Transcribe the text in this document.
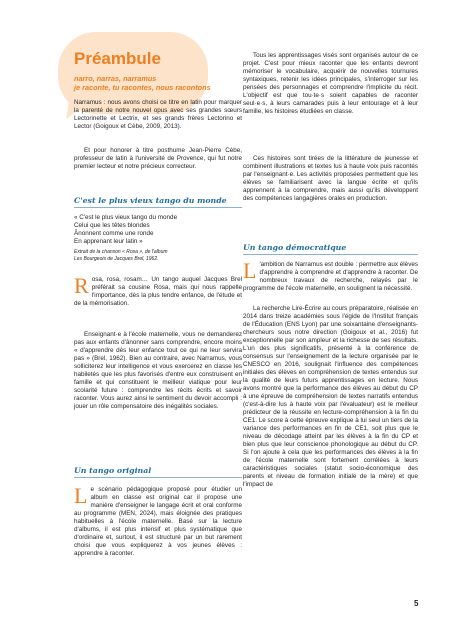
Préambule
narro, narras, narramus
je raconte, tu racontes, nous racontons

Narramus : nous avons choisi ce titre en latin pour marquer la parenté de notre nouvel opus avec ses grandes sœurs Lectorinette et Lectrix, et ses grands frères Lectorino et Lector (Goigoux et Cèbe, 2009, 2013).

Et pour honorer à titre posthume Jean-Pierre Cèbe, professeur de latin à l'université de Provence, qui fut notre premier lecteur et notre précieux correcteur.

C'est le plus vieux tango du monde
« C'est le plus vieux tango du monde
Celui que les têtes blondes
Ânonnent comme une ronde
En apprenant leur latin »
Extrait de la chanson « Rosa », de l'album
Les Bourgeois de Jacques Brel, 1962.

R osa, rosa, rosam… Un tango auquel Jacques Brel préférait sa cousine Rosa, mais qui nous rappelle l'importance, dès la plus tendre enfance, de l'étude et de la mémorisation.

Enseignant·e à l'école maternelle, vous ne demanderez pas aux enfants d'ânonner sans comprendre, encore moins « d'apprendre dès leur enfance tout ce qui ne leur servira pas » (Brel, 1962). Bien au contraire, avec Narramus, vous solliciterez leur intelligence et vous exercerez en classe les habiletés que les plus favorisés d'entre eux construisent en famille et qui constituent le meilleur viatique pour leur scolarité future : comprendre les récits écrits et savoir raconter. Vous aurez ainsi le sentiment du devoir accompli : jouer un rôle compensatoire des inégalités sociales.

Un tango original

L e scénario pédagogique proposé pour étudier un album en classe est original car il propose une manière d'enseigner le langage écrit et oral conforme au programme (MEN, 2024), mais éloignée des pratiques habituelles à l'école maternelle. Basé sur la lecture d'albums, il est plus intensif et plus systématique que d'ordinaire et, surtout, il est structuré par un but rarement choisi que vous expliquerez à vos jeunes élèves : apprendre à raconter.

Tous les apprentissages visés sont organisés autour de ce projet. C'est pour mieux raconter que les enfants devront mémoriser le vocabulaire, acquérir de nouvelles tournures syntaxiques, retenir les idées principales, s'interroger sur les pensées des personnages et comprendre l'implicite du récit. L'objectif est que tou·te·s soient capables de raconter seul·e·s, à leurs camarades puis à leur entourage et à leur famille, les histoires étudiées en classe.

Ces histoires sont tirées de la littérature de jeunesse et combinent illustrations et textes lus à haute voix puis racontés par l'enseignant·e. Les activités proposées permettent que les élèves se familiarisent avec la langue écrite et qu'ils apprennent à la comprendre, mais aussi qu'ils développent des compétences langagières orales en production.

Un tango démocratique

L 'ambition de Narramus est double : permettre aux élèves d'apprendre à comprendre et d'apprendre à raconter. De nombreux travaux de recherche, relayés par le programme de l'école maternelle, en soulignent la nécessité.

La recherche Lire-Écrire au cours préparatoire, réalisée en 2014 dans treize académies sous l'égide de l'Institut français de l'Éducation (ENS Lyon) par une soixantaine d'enseignants-chercheurs sous notre direction (Goigoux et al., 2016) fut exceptionnelle par son ampleur et la richesse de ses résultats. L'un des plus significatifs, présenté à la conférence de consensus sur l'enseignement de la lecture organisée par le CNESCO en 2016, soulignait l'influence des compétences initiales des élèves en compréhension de textes entendus sur la qualité de leurs futurs apprentissages en lecture. Nous avons montré que la performance des élèves au début du CP à une épreuve de compréhension de textes narratifs entendus (c'est-à-dire lus à haute voix par l'évaluateur) est le meilleur prédicteur de la réussite en lecture-compréhension à la fin du CE1. Le score à cette épreuve explique à lui seul un tiers de la variance des performances en fin de CE1, soit plus que le niveau de décodage atteint par les élèves à la fin du CP et bien plus que leur conscience phonologique au début du CP. Si l'on ajoute à cela que les performances des élèves à la fin de l'école maternelle sont fortement corrélées à leurs caractéristiques sociales (statut socio-économique des parents et niveau de formation initiale de la mère) et que l'impact de

5
